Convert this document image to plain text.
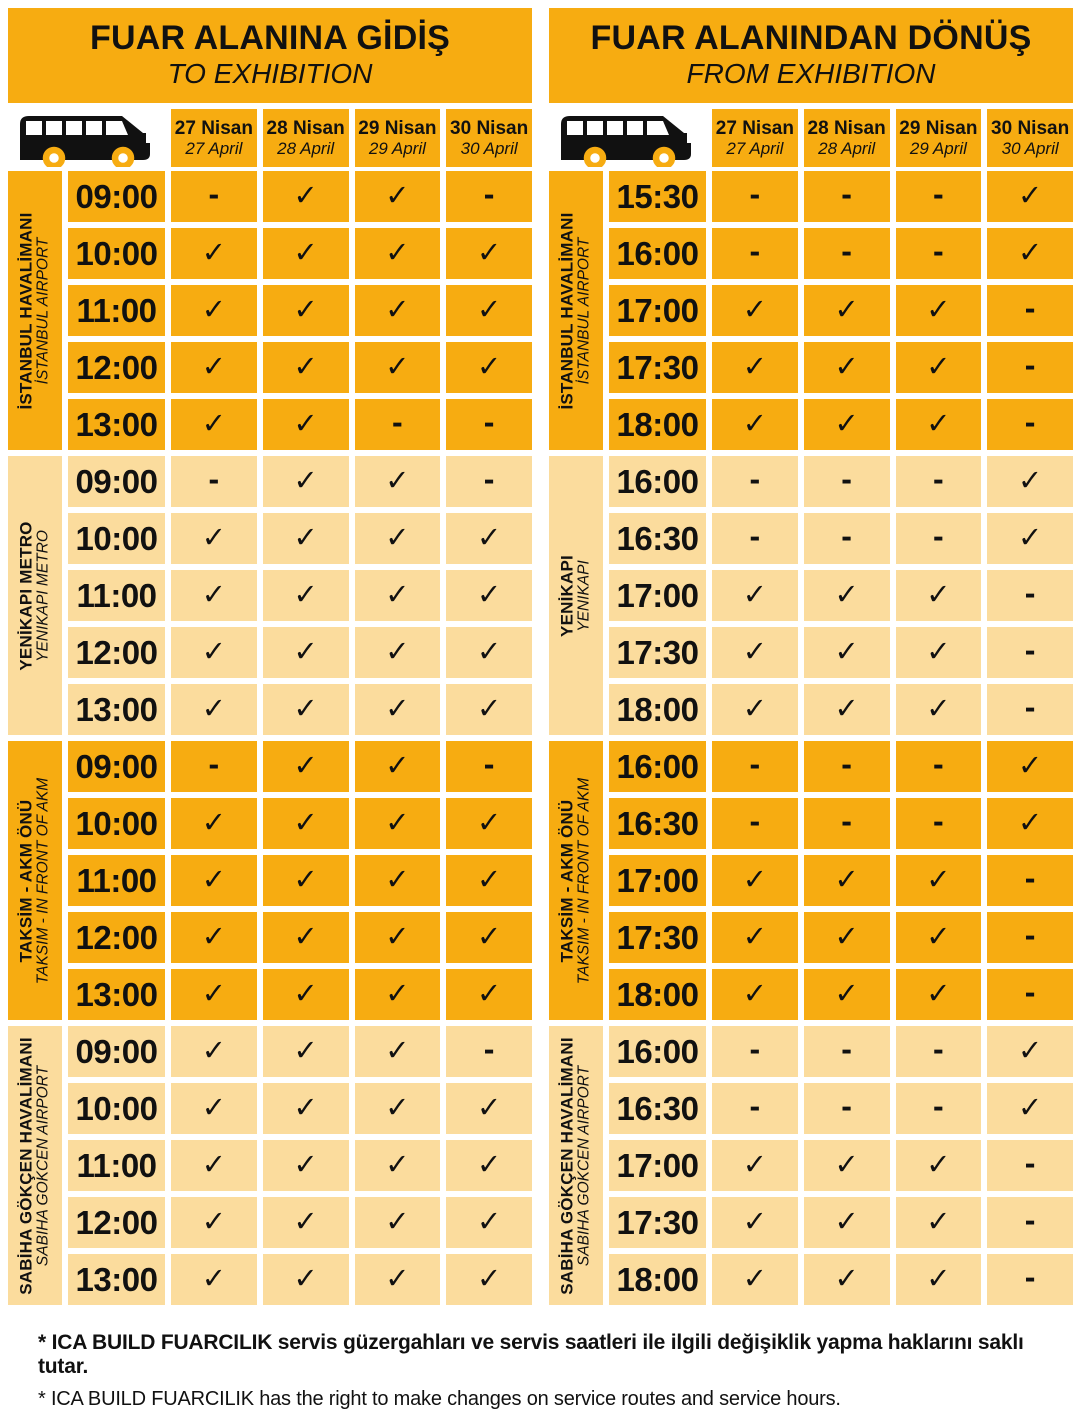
FUAR ALANINA GİDİŞ
TO EXHIBITION
27 Nisan
27 April
28 Nisan
28 April
29 Nisan
29 April
30 Nisan
30 April
İSTANBUL HAVALİMANI İSTANBUL AIRPORT
09:00 -	✓ ✓ -
10:00 ✓ ✓ ✓ ✓
11:00 ✓ ✓ ✓ ✓
12:00 ✓ ✓ ✓ ✓
13:00 ✓ ✓ -	-
YENİKAPI METRO YENIKAPI METRO
09:00 -	✓ ✓ -
10:00 ✓ ✓ ✓ ✓
11:00 ✓ ✓ ✓ ✓
12:00 ✓ ✓ ✓ ✓
13:00 ✓ ✓ ✓ ✓
TAKSİM - AKM ÖNÜ TAKSIM - IN FRONT OF AKM
09:00 -	✓ ✓ -
10:00 ✓ ✓ ✓ ✓
11:00 ✓ ✓ ✓ ✓
12:00 ✓ ✓ ✓ ✓
13:00 ✓ ✓ ✓ ✓
SABİHA GÖKÇEN HAVALİMANI SABIHA GOKCEN AIRPORT
09:00 ✓ ✓ ✓ -
10:00 ✓ ✓ ✓ ✓
11:00 ✓ ✓ ✓ ✓
12:00 ✓ ✓ ✓ ✓
13:00 ✓ ✓ ✓ ✓
FUAR ALANINDAN DÖNÜŞ
FROM EXHIBITION
27 Nisan
27 April
28 Nisan
28 April
29 Nisan
29 April
30 Nisan
30 April
İSTANBUL HAVALİMANI İSTANBUL AIRPORT
15:30 -	-	-	✓
16:00 -	-	-	✓
17:00 ✓ ✓ ✓ -
17:30 ✓ ✓ ✓ -
18:00 ✓ ✓ ✓ -
YENİKAPI YENIKAPI
16:00 -	-	-	✓
16:30 -	-	-	✓
17:00 ✓ ✓ ✓ -
17:30 ✓ ✓ ✓ -
18:00 ✓ ✓ ✓ -
TAKSİM - AKM ÖNÜ TAKSIM - IN FRONT OF AKM
16:00 -	-	-	✓
16:30 -	-	-	✓
17:00 ✓ ✓ ✓ -
17:30 ✓ ✓ ✓ -
18:00 ✓ ✓ ✓ -
SABİHA GÖKÇEN HAVALİMANI SABIHA GOKCEN AIRPORT
16:00 -	-	-	✓
16:30 -	-	-	✓
17:00 ✓ ✓ ✓ -
17:30 ✓ ✓ ✓ -
18:00 ✓ ✓ ✓ -
* ICA BUILD FUARCILIK servis güzergahları ve servis saatleri ile ilgili değişiklik yapma haklarını saklı tutar.
* ICA BUILD FUARCILIK has the right to make changes on service routes and service hours.
